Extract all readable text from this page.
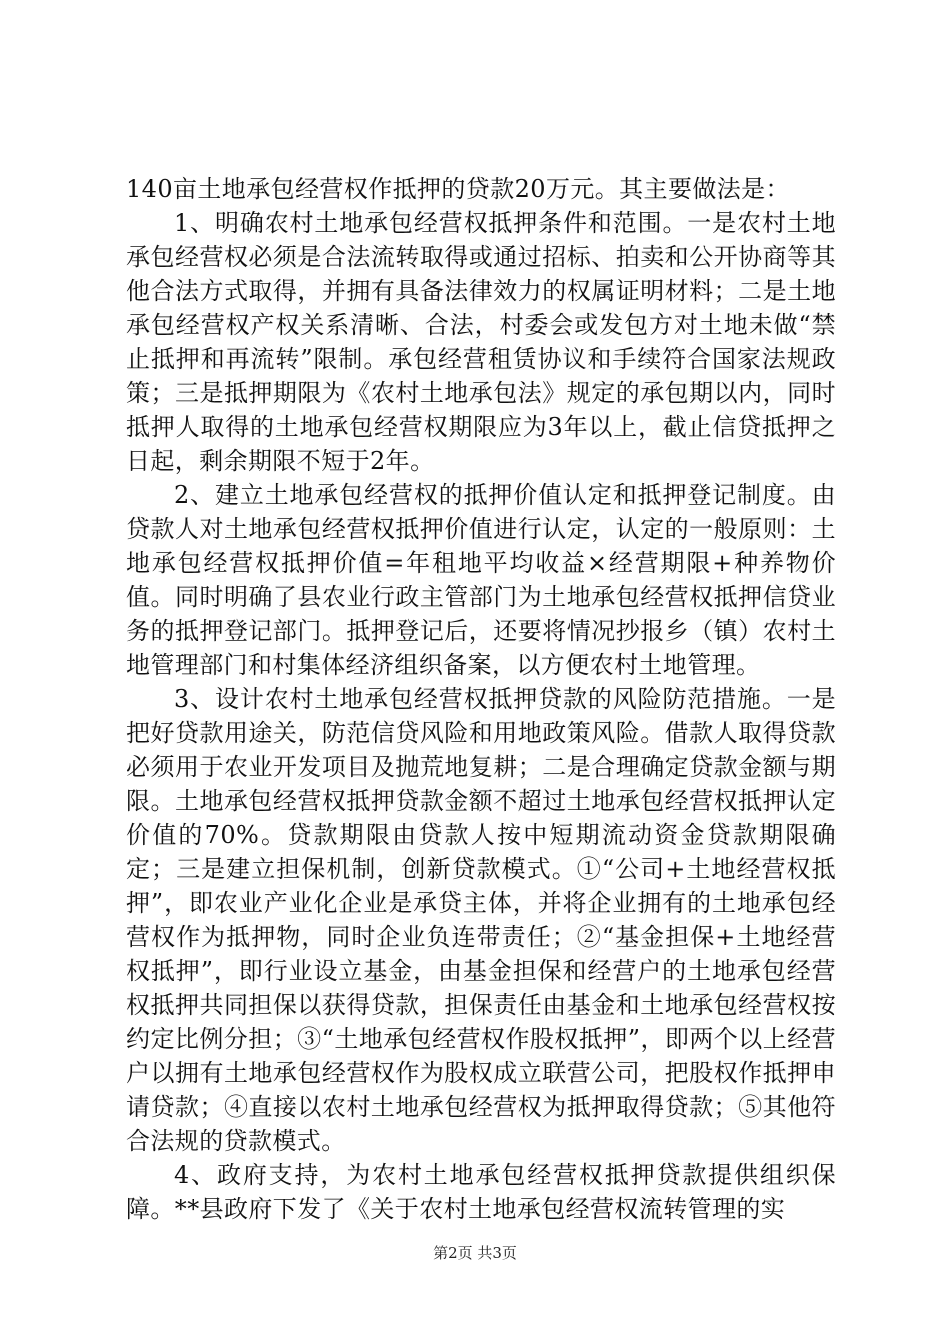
140亩土地承包经营权作抵押的贷款20万元。其主要做法是：

1、明确农村土地承包经营权抵押条件和范围。一是农村土地承包经营权必须是合法流转取得或通过招标、拍卖和公开协商等其他合法方式取得，并拥有具备法律效力的权属证明材料；二是土地承包经营权产权关系清晰、合法，村委会或发包方对土地未做“禁止抵押和再流转”限制。承包经营租赁协议和手续符合国家法规政策；三是抵押期限为《农村土地承包法》规定的承包期以内，同时抵押人取得的土地承包经营权期限应为3年以上，截止信贷抵押之日起，剩余期限不短于2年。

2、建立土地承包经营权的抵押价值认定和抵押登记制度。由贷款人对土地承包经营权抵押价值进行认定，认定的一般原则：土地承包经营权抵押价值=年租地平均收益×经营期限+种养物价值。同时明确了县农业行政主管部门为土地承包经营权抵押信贷业务的抵押登记部门。抵押登记后，还要将情况抄报乡（镇）农村土地管理部门和村集体经济组织备案，以方便农村土地管理。

3、设计农村土地承包经营权抵押贷款的风险防范措施。一是把好贷款用途关，防范信贷风险和用地政策风险。借款人取得贷款必须用于农业开发项目及抛荒地复耕；二是合理确定贷款金额与期限。土地承包经营权抵押贷款金额不超过土地承包经营权抵押认定价值的70%。贷款期限由贷款人按中短期流动资金贷款期限确定；三是建立担保机制，创新贷款模式。①“公司+土地经营权抵押”，即农业产业化企业是承贷主体，并将企业拥有的土地承包经营权作为抵押物，同时企业负连带责任；②“基金担保+土地经营权抵押”，即行业设立基金，由基金担保和经营户的土地承包经营权抵押共同担保以获得贷款，担保责任由基金和土地承包经营权按约定比例分担；③“土地承包经营权作股权抵押”，即两个以上经营户以拥有土地承包经营权作为股权成立联营公司，把股权作抵押申请贷款；④直接以农村土地承包经营权为抵押取得贷款；⑤其他符合法规的贷款模式。

4、政府支持，为农村土地承包经营权抵押贷款提供组织保障。**县政府下发了《关于农村土地承包经营权流转管理的实

第2页 共3页
